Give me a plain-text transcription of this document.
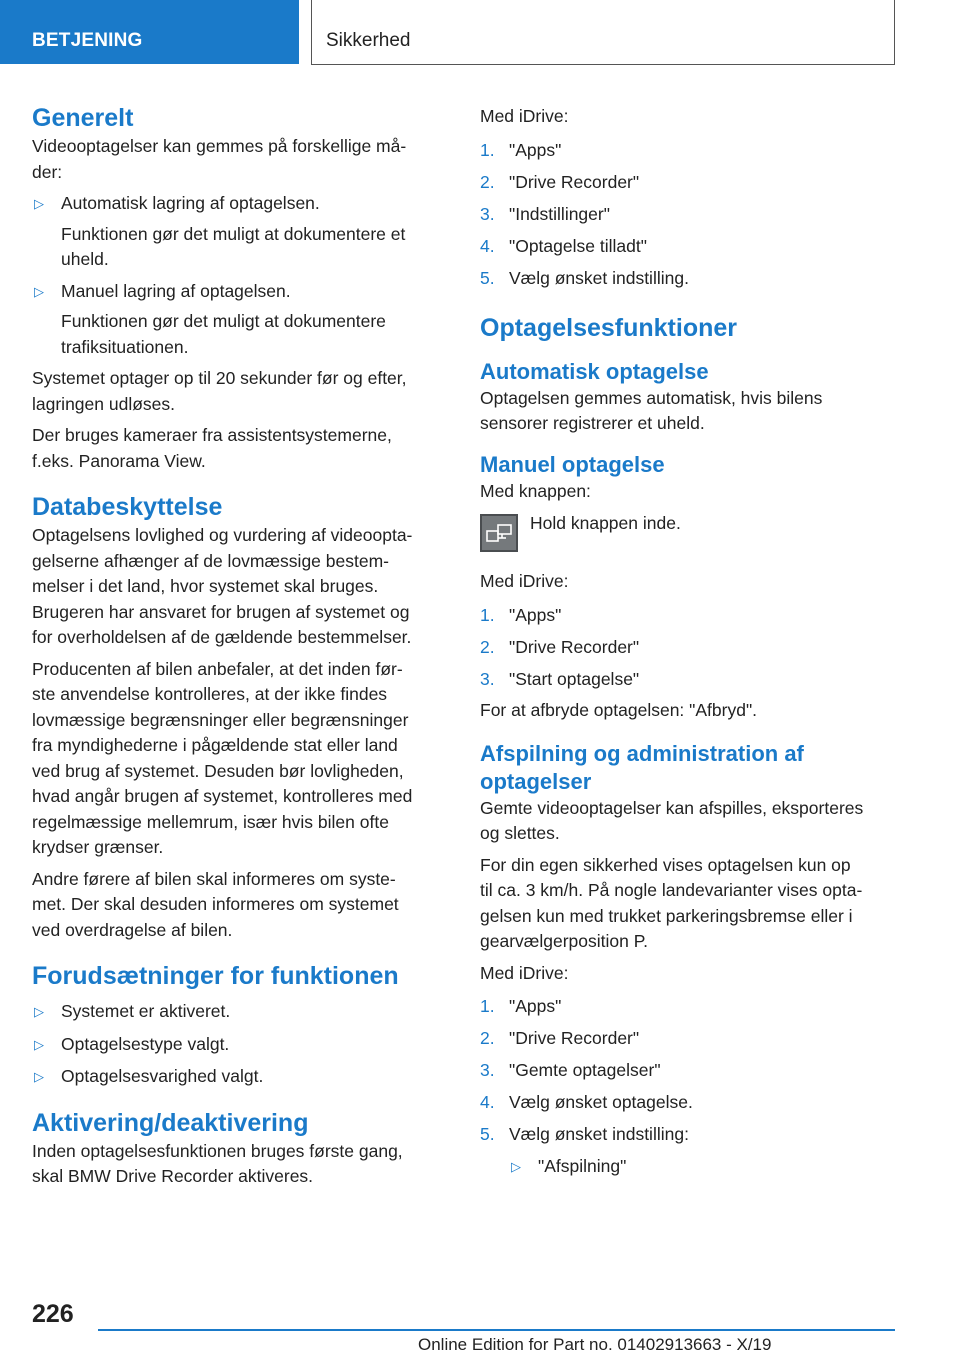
BETJENING	Sikkerhed
Generelt
Videooptagelser kan gemmes på forskellige må-
der:
▷ Automatisk lagring af optagelsen.
Funktionen gør det muligt at dokumentere et
uheld.
▷ Manuel lagring af optagelsen.
Funktionen gør det muligt at dokumentere
trafiksituationen.
Systemet optager op til 20 sekunder før og efter,
lagringen udløses.
Der bruges kameraer fra assistentsystemerne,
f.eks. Panorama View.
Databeskyttelse
Optagelsens lovlighed og vurdering af videoopta-
gelserne afhænger af de lovmæssige bestem-
melser i det land, hvor systemet skal bruges.
Brugeren har ansvaret for brugen af systemet og
for overholdelsen af de gældende bestemmelser.
Producenten af bilen anbefaler, at det inden før-
ste anvendelse kontrolleres, at der ikke findes
lovmæssige begrænsninger eller begrænsninger
fra myndighederne i pågældende stat eller land
ved brug af systemet. Desuden bør lovligheden,
hvad angår brugen af systemet, kontrolleres med
regelmæssige mellemrum, især hvis bilen ofte
krydser grænser.
Andre førere af bilen skal informeres om syste-
met. Der skal desuden informeres om systemet
ved overdragelse af bilen.
Forudsætninger for funktionen
▷ Systemet er aktiveret.
▷ Optagelsestype valgt.
▷ Optagelsesvarighed valgt.
Aktivering/deaktivering
Inden optagelsesfunktionen bruges første gang,
skal BMW Drive Recorder aktiveres.
Med iDrive:
1. "Apps"
2. "Drive Recorder"
3. "Indstillinger"
4. "Optagelse tilladt"
5. Vælg ønsket indstilling.
Optagelsesfunktioner
Automatisk optagelse
Optagelsen gemmes automatisk, hvis bilens
sensorer registrerer et uheld.
Manuel optagelse
Med knappen:
Hold knappen inde.
Med iDrive:
1. "Apps"
2. "Drive Recorder"
3. "Start optagelse"
For at afbryde optagelsen: "Afbryd".
Afspilning og administration af
optagelser
Gemte videooptagelser kan afspilles, eksporteres
og slettes.
For din egen sikkerhed vises optagelsen kun op
til ca. 3 km/h. På nogle landevarianter vises opta-
gelsen kun med trukket parkeringsbremse eller i
gearvælgerposition P.
Med iDrive:
1. "Apps"
2. "Drive Recorder"
3. "Gemte optagelser"
4. Vælg ønsket optagelse.
5. Vælg ønsket indstilling:
▷ "Afspilning"
226
Online Edition for Part no. 01402913663 - X/19
